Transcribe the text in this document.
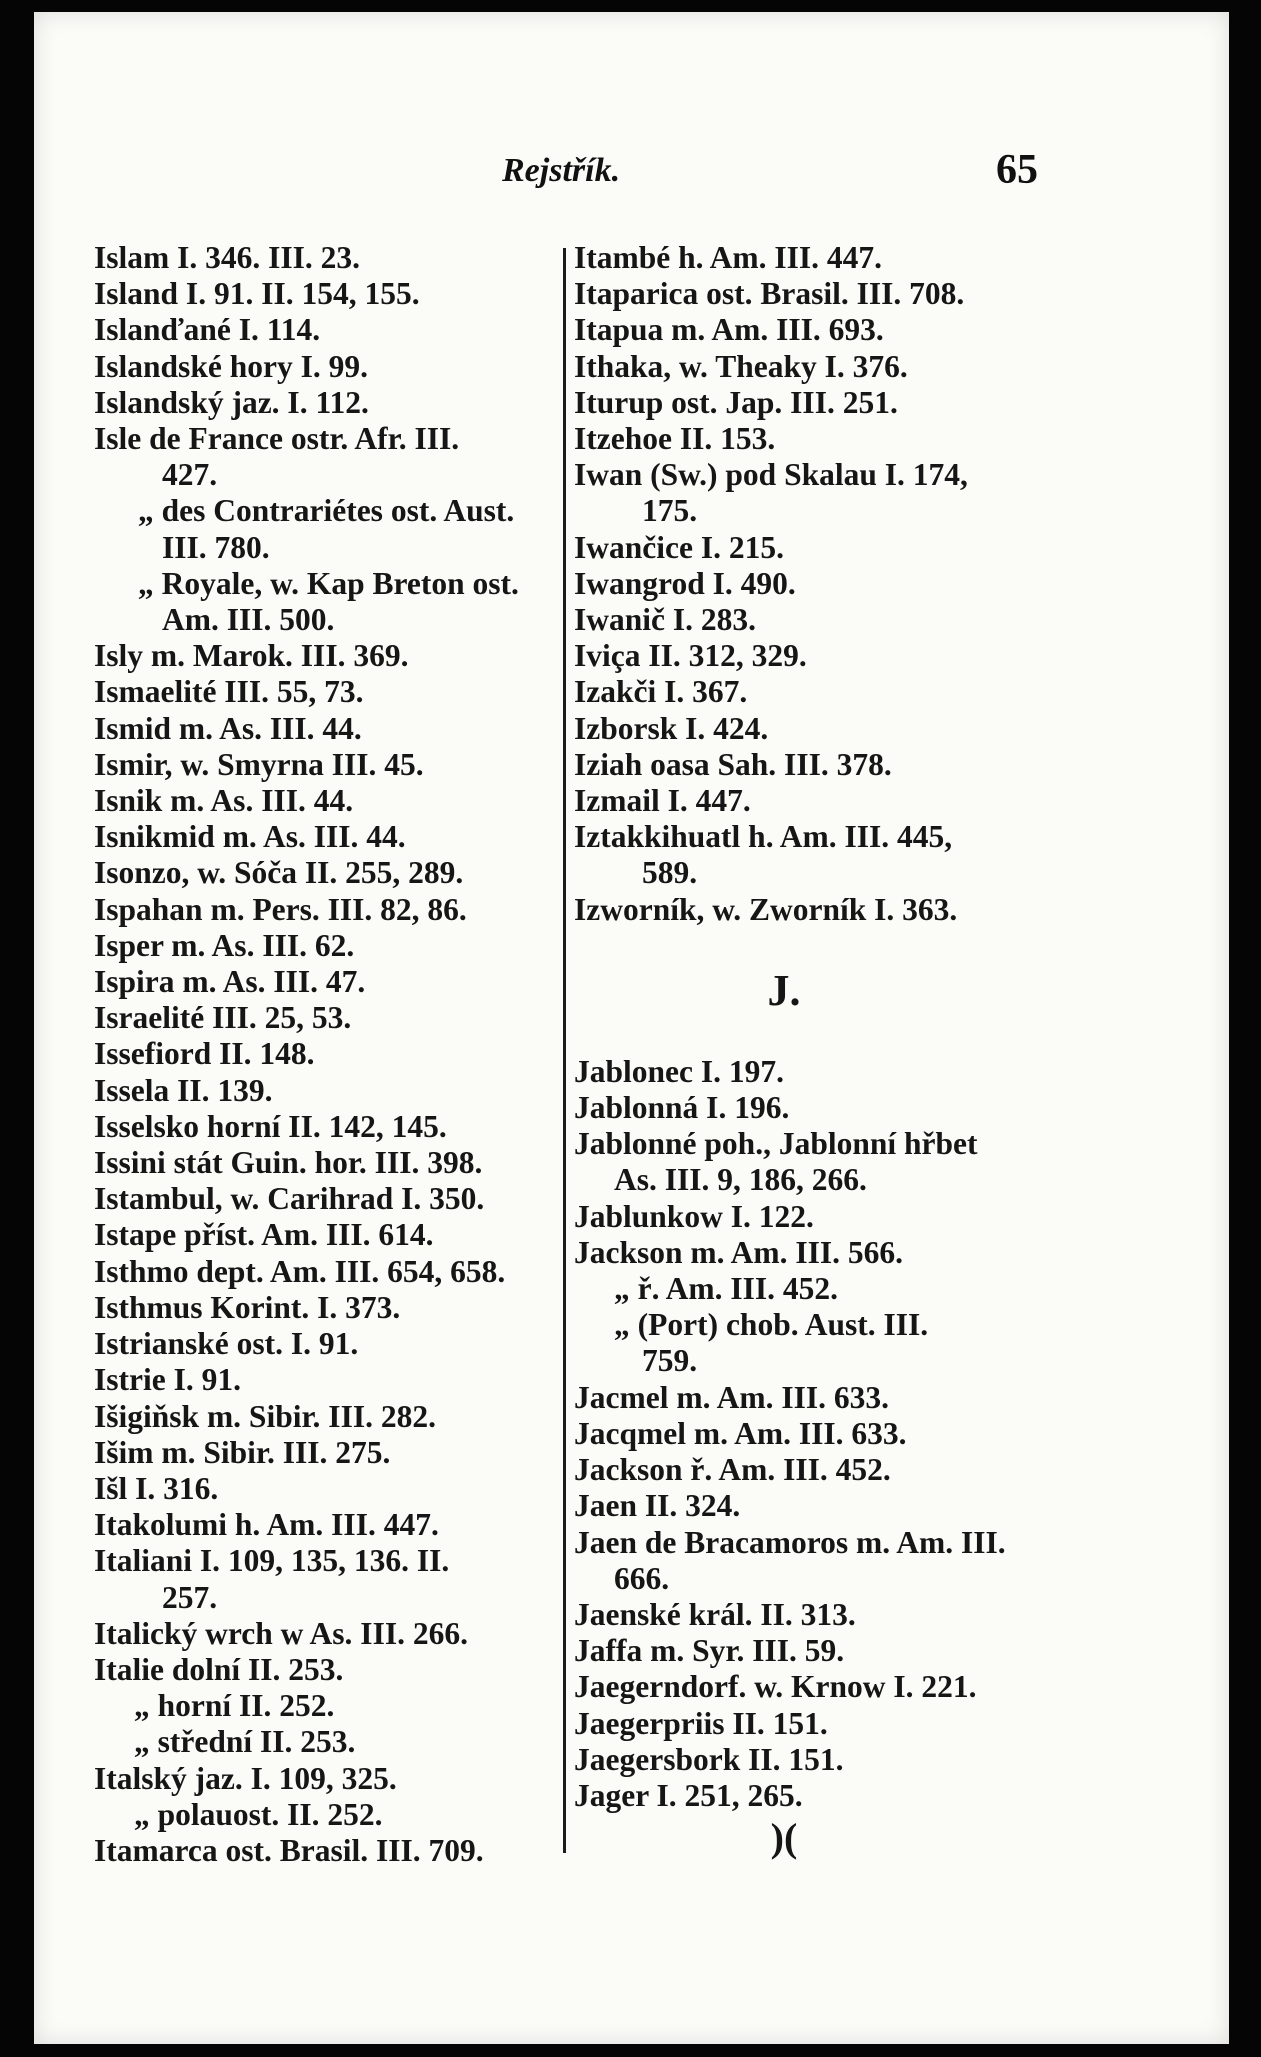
Rejstřík.	65
Islam I. 346. III. 23.
Island I. 91. II. 154, 155.
Islanďané I. 114.
Islandské hory I. 99.
Islandský jaz. I. 112.
Isle de France ostr. Afr. III.
427.
„ des Contrariétes ost. Aust.
III. 780.
„ Royale, w. Kap Breton ost.
Am. III. 500.
Isly m. Marok. III. 369.
Ismaelité III. 55, 73.
Ismid m. As. III. 44.
Ismir, w. Smyrna III. 45.
Isnik m. As. III. 44.
Isnikmid m. As. III. 44.
Isonzo, w. Sóča II. 255, 289.
Ispahan m. Pers. III. 82, 86.
Isper m. As. III. 62.
Ispira m. As. III. 47.
Israelité III. 25, 53.
Issefiord II. 148.
Issela II. 139.
Isselsko horní II. 142, 145.
Issini stát Guin. hor. III. 398.
Istambul, w. Carihrad I. 350.
Istape příst. Am. III. 614.
Isthmo dept. Am. III. 654, 658.
Isthmus Korint. I. 373.
Istrianské ost. I. 91.
Istrie I. 91.
Išigiňsk m. Sibir. III. 282.
Išim m. Sibir. III. 275.
Išl I. 316.
Itakolumi h. Am. III. 447.
Italiani I. 109, 135, 136. II.
257.
Italický wrch w As. III. 266.
Italie dolní II. 253.
„ horní II. 252.
„ střední II. 253.
Italský jaz. I. 109, 325.
„ polauost. II. 252.
Itamarca ost. Brasil. III. 709.
Itambé h. Am. III. 447.
Itaparica ost. Brasil. III. 708.
Itapua m. Am. III. 693.
Ithaka, w. Theaky I. 376.
Iturup ost. Jap. III. 251.
Itzehoe II. 153.
Iwan (Sw.) pod Skalau I. 174,
175.
Iwančice I. 215.
Iwangrod I. 490.
Iwanič I. 283.
Iviça II. 312, 329.
Izakči I. 367.
Izborsk I. 424.
Iziah oasa Sah. III. 378.
Izmail I. 447.
Iztakkihuatl h. Am. III. 445,
589.
Izworník, w. Zworník I. 363.
J.
Jablonec I. 197.
Jablonná I. 196.
Jablonné poh., Jablonní hřbet
As. III. 9, 186, 266.
Jablunkow I. 122.
Jackson m. Am. III. 566.
„ ř. Am. III. 452.
„ (Port) chob. Aust. III.
759.
Jacmel m. Am. III. 633.
Jacqmel m. Am. III. 633.
Jackson ř. Am. III. 452.
Jaen II. 324.
Jaen de Bracamoros m. Am. III.
666.
Jaenské král. II. 313.
Jaffa m. Syr. III. 59.
Jaegerndorf. w. Krnow I. 221.
Jaegerpriis II. 151.
Jaegersbork II. 151.
Jager I. 251, 265.
)(
